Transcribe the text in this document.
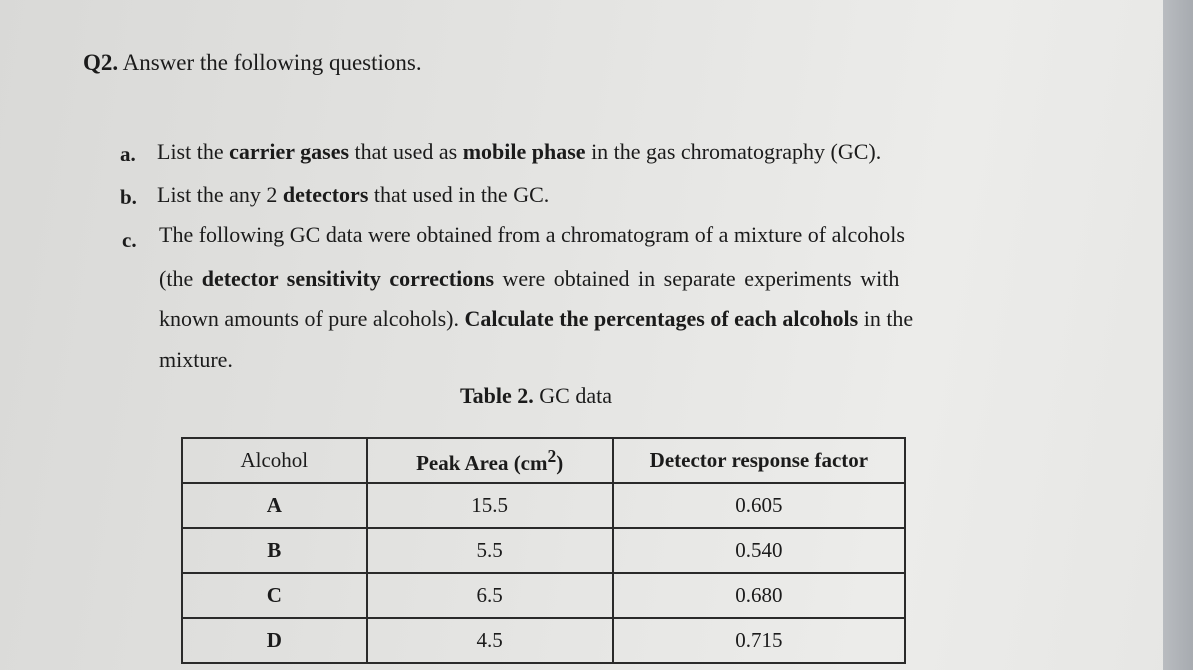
Q2. Answer the following questions.
a. List the carrier gases that used as mobile phase in the gas chromatography (GC).
b. List the any 2 detectors that used in the GC.
c. The following GC data were obtained from a chromatogram of a mixture of alcohols
(the detector sensitivity corrections were obtained in separate experiments with
known amounts of pure alcohols). Calculate the percentages of each alcohols in the
mixture.
Table 2. GC data
Alcohol	Peak Area $(cm^2)$	Detector response factor
A	15.5	0.605
B	5.5	0.540
C	6.5	0.680
D	4.5	0.715
